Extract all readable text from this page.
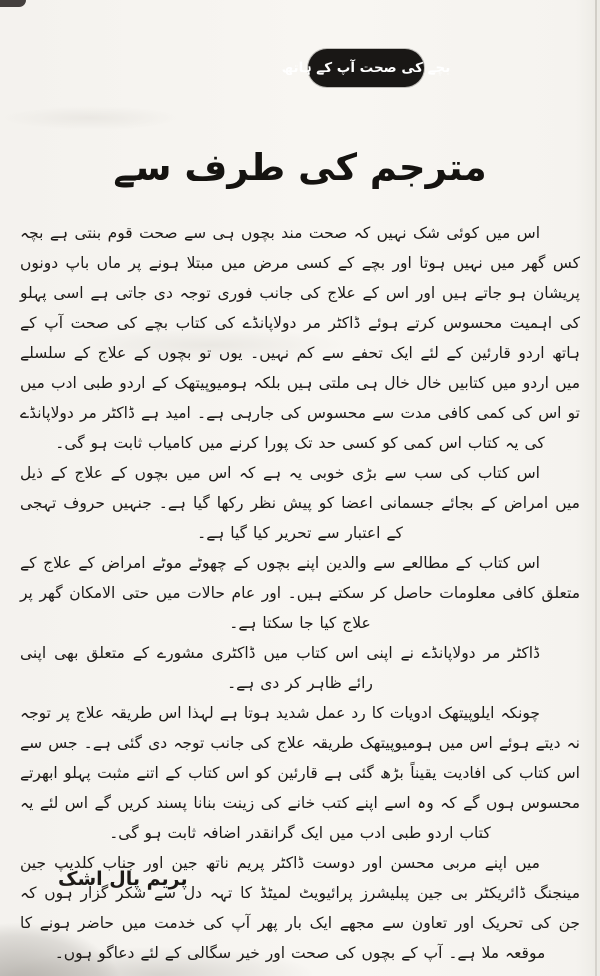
بچے کی صحت آپ کے ہاتھ
مترجم کی طرف سے

اس میں کوئی شک نہیں کہ صحت مند بچوں ہی سے صحت قوم بنتی ہے بچہ کس گھر میں نہیں ہوتا اور بچے کے کسی مرض میں مبتلا ہونے پر ماں باپ دونوں پریشان ہو جاتے ہیں اور اس کے علاج کی جانب فوری توجہ دی جاتی ہے اسی پہلو کی اہمیت محسوس کرتے ہوئے ڈاکٹر مر دولاپانڈے کی کتاب بچے کی صحت آپ کے ہاتھ اردو قارئین کے لئے ایک تحفے سے کم نہیں۔ یوں تو بچوں کے علاج کے سلسلے میں اردو میں کتابیں خال خال ہی ملتی ہیں بلکہ ہومیوپیتھک کے اردو طبی ادب میں تو اس کی کمی کافی مدت سے محسوس کی جارہی ہے۔ امید ہے ڈاکٹر مر دولاپانڈے کی یہ کتاب اس کمی کو کسی حد تک پورا کرنے میں کامیاب ثابت ہو گی۔

اس کتاب کی سب سے بڑی خوبی یہ ہے کہ اس میں بچوں کے علاج کے ذیل میں امراض کے بجائے جسمانی اعضا کو پیش نظر رکھا گیا ہے۔ جنہیں حروف تہجی کے اعتبار سے تحریر کیا گیا ہے۔

اس کتاب کے مطالعے سے والدین اپنے بچوں کے چھوٹے موٹے امراض کے علاج کے متعلق کافی معلومات حاصل کر سکتے ہیں۔ اور عام حالات میں حتی الامکان گھر پر علاج کیا جا سکتا ہے۔

ڈاکٹر مر دولاپانڈے نے اپنی اس کتاب میں ڈاکٹری مشورے کے متعلق بھی اپنی رائے ظاہر کر دی ہے۔

چونکہ ایلوپیتھک ادویات کا رد عمل شدید ہوتا ہے لہذا اس طریقہ علاج پر توجہ نہ دیتے ہوئے اس میں ہومیوپیتھک طریقہ علاج کی جانب توجہ دی گئی ہے۔ جس سے اس کتاب کی افادیت یقیناً بڑھ گئی ہے قارئین کو اس کتاب کے اتنے مثبت پہلو ابھرتے محسوس ہوں گے کہ وہ اسے اپنے کتب خانے کی زینت بنانا پسند کریں گے اس لئے یہ کتاب اردو طبی ادب میں ایک گرانقدر اضافہ ثابت ہو گی۔

میں اپنے مربی محسن اور دوست ڈاکٹر پریم ناتھ جین اور جناب کلدیپ جین مینجنگ ڈائریکٹر بی جین پبلیشرز پرائیویٹ لمیٹڈ کا تہہ دل سے شکر گزار ہوں کہ جن کی تحریک اور تعاون سے مجھے ایک بار پھر آپ کی خدمت میں حاضر ہونے کا موقعہ ملا ہے۔ آپ کے بچوں کی صحت اور خیر سگالی کے لئے دعاگو ہوں۔

پریم پال اشک
